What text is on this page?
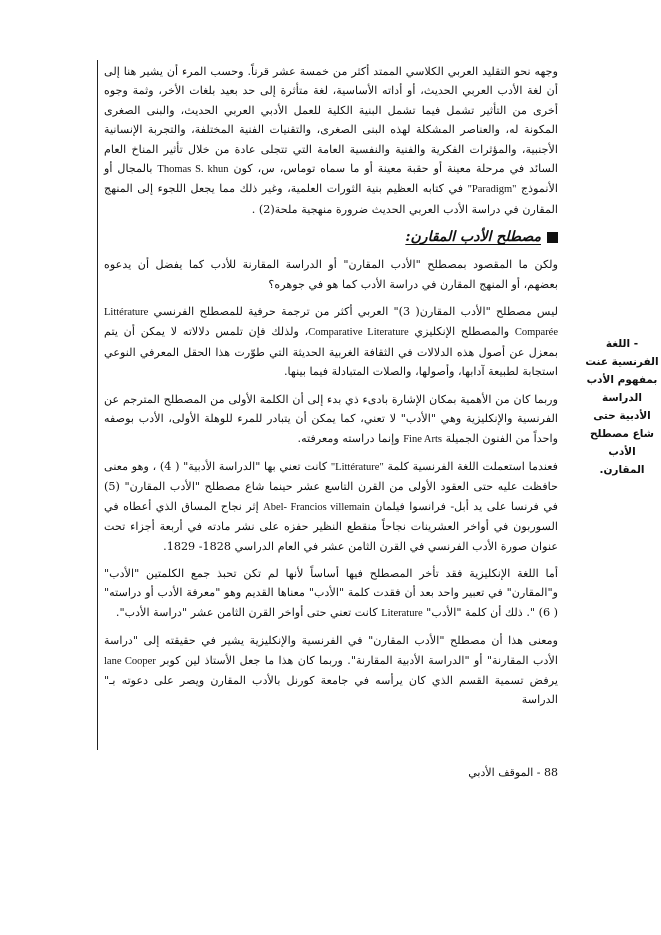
وجهه نحو التقليد العربي الكلاسي الممتد أكثر من خمسة عشر قرناً. وحسب المرء أن يشير هنا إلى أن لغة الأدب العربي الحديث، أو أداته الأساسية، لغة متأثرة إلى حد بعيد بلغات الأخر، وثمة وجوه أخرى من التأثير تشمل فيما تشمل البنية الكلية للعمل الأدبي العربي الحديث، والبنى الصغرى المكونة له، والعناصر المشكلة لهذه البنى الصغرى، والتقنيات الفنية المختلفة، والتجربة الإنسانية الأجنبية، والمؤثرات الفكرية والفنية والنفسية العامة التي تتجلى عادة من خلال تأثير المناخ العام السائد في مرحلة معينة أو حقبة معينة أو ما سماه توماس، س، كون Thomas S. khun بالمجال أو الأنموذج "Paradigm" في كتابه العظيم بنية الثورات العلمية، وغير ذلك مما يجعل اللجوء إلى المنهج المقارن في دراسة الأدب العربي الحديث ضرورة منهجية ملحة(2) .

مصطلح الأدب المقارن:

ولكن ما المقصود بمصطلح "الأدب المقارن" أو الدراسة المقارنة للأدب كما يفضل أن يدعوه بعضهم، أو المنهج المقارن في دراسة الأدب كما هو في جوهره؟

ليس مصطلح "الأدب المقارن( 3)" العربي أكثر من ترجمة حرفية للمصطلح الفرنسي Littérature Comparée والمصطلح الإنكليزي Comparative Literature، ولذلك فإن تلمس دلالاته لا يمكن أن يتم بمعزل عن أصول هذه الدلالات في الثقافة الغربية الحديثة التي طوّرت هذا الحقل المعرفي النوعي استجابة لطبيعة آدابها، وأصولها، والصلات المتبادلة فيما بينها.

وربما كان من الأهمية بمكان الإشارة بادىء ذي بدء إلى أن الكلمة الأولى من المصطلح المترجم عن الفرنسية والإنكليزية وهي "الأدب" لا تعني، كما يمكن أن يتبادر للمرء للوهلة الأولى، الأدب بوصفه واحداً من الفنون الجميلة Fine Arts وإنما دراسته ومعرفته.

فعندما استعملت اللغة الفرنسية كلمة "Littérature" كانت تعني بها "الدراسة الأدبية" ( 4) ، وهو معنى حافظت عليه حتى العقود الأولى من القرن التاسع عشر حينما شاع مصطلح "الأدب المقارن" (5) في فرنسا على يد أبل- فرانسوا فيلمان Abel- Francios villemain إثر نجاح المساق الذي أعطاه في السوربون في أواخر العشرينات نجاحاً منقطع النظير حفزه على نشر مادته في أربعة أجزاء تحت عنوان صورة الأدب الفرنسي في القرن الثامن عشر في العام الدراسي 1828- 1829.

أما اللغة الإنكليزية فقد تأخر المصطلح فيها أساساً لأنها لم تكن تحبذ جمع الكلمتين "الأدب" و"المقارن" في تعبير واحد بعد أن فقدت كلمة "الأدب" معناها القديم وهو "معرفة الأدب أو دراسته"( 6) ". ذلك أن كلمة "الأدب" Literature كانت تعني حتى أواخر القرن الثامن عشر "دراسة الأدب".

ومعنى هذا أن مصطلح "الأدب المقارن" في الفرنسية والإنكليزية يشير في حقيقته إلى "دراسة الأدب المقارنة" أو "الدراسة الأدبية المقارنة". وربما كان هذا ما جعل الأستاذ لين كوبر lane Cooper يرفض تسمية القسم الذي كان يرأسه في جامعة كورنل بالأدب المقارن ويصر على دعوته بـ" الدراسة

- اللغة الفرنسية عنت بمفهوم الأدب الدراسة الأدبية حتى شاع مصطلح الأدب المقارن.
88 - الموقف الأدبي
